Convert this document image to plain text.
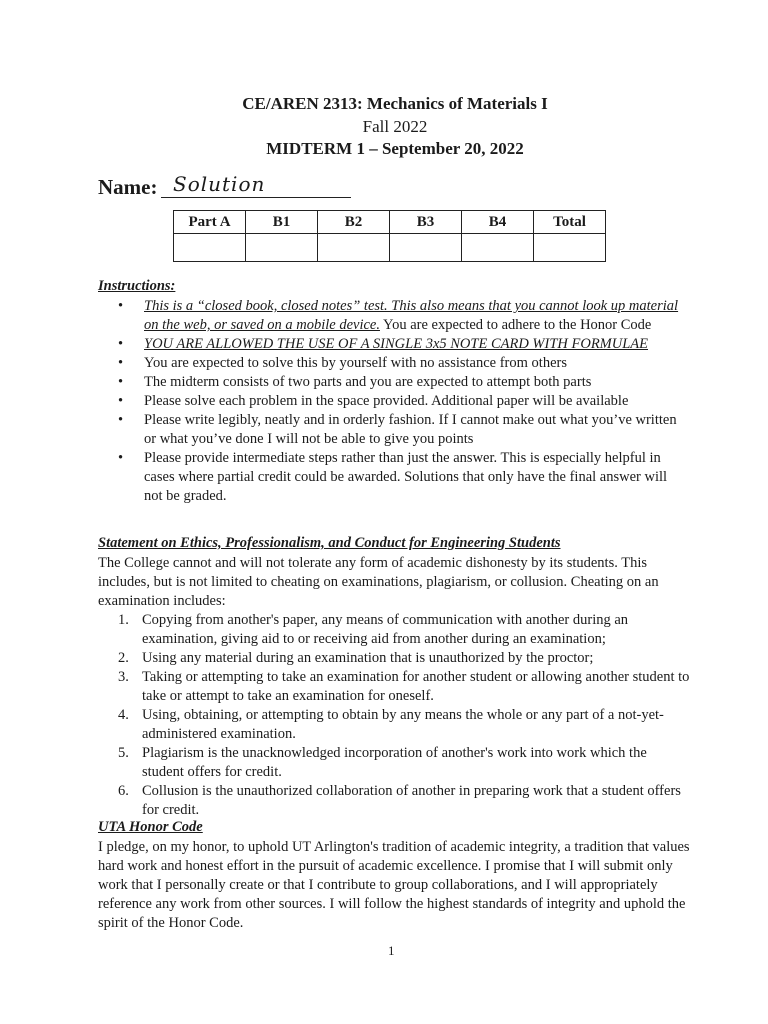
CE/AREN 2313: Mechanics of Materials I
Fall 2022
MIDTERM 1 – September 20, 2022
Name: Solution
Part A	B1	B2	B3	B4	Total

Instructions:
• This is a “closed book, closed notes” test. This also means that you cannot look up material on the web, or saved on a mobile device. You are expected to adhere to the Honor Code
• YOU ARE ALLOWED THE USE OF A SINGLE 3x5 NOTE CARD WITH FORMULAE
• You are expected to solve this by yourself with no assistance from others
• The midterm consists of two parts and you are expected to attempt both parts
• Please solve each problem in the space provided. Additional paper will be available
• Please write legibly, neatly and in orderly fashion. If I cannot make out what you’ve written or what you’ve done I will not be able to give you points
• Please provide intermediate steps rather than just the answer. This is especially helpful in cases where partial credit could be awarded. Solutions that only have the final answer will not be graded.
Statement on Ethics, Professionalism, and Conduct for Engineering Students
The College cannot and will not tolerate any form of academic dishonesty by its students. This includes, but is not limited to cheating on examinations, plagiarism, or collusion. Cheating on an examination includes:
1. Copying from another's paper, any means of communication with another during an examination, giving aid to or receiving aid from another during an examination;
2. Using any material during an examination that is unauthorized by the proctor;
3. Taking or attempting to take an examination for another student or allowing another student to take or attempt to take an examination for oneself.
4. Using, obtaining, or attempting to obtain by any means the whole or any part of a not-yet-administered examination.
5. Plagiarism is the unacknowledged incorporation of another's work into work which the student offers for credit.
6. Collusion is the unauthorized collaboration of another in preparing work that a student offers for credit.
UTA Honor Code
I pledge, on my honor, to uphold UT Arlington's tradition of academic integrity, a tradition that values hard work and honest effort in the pursuit of academic excellence. I promise that I will submit only work that I personally create or that I contribute to group collaborations, and I will appropriately reference any work from other sources. I will follow the highest standards of integrity and uphold the spirit of the Honor Code.
1
